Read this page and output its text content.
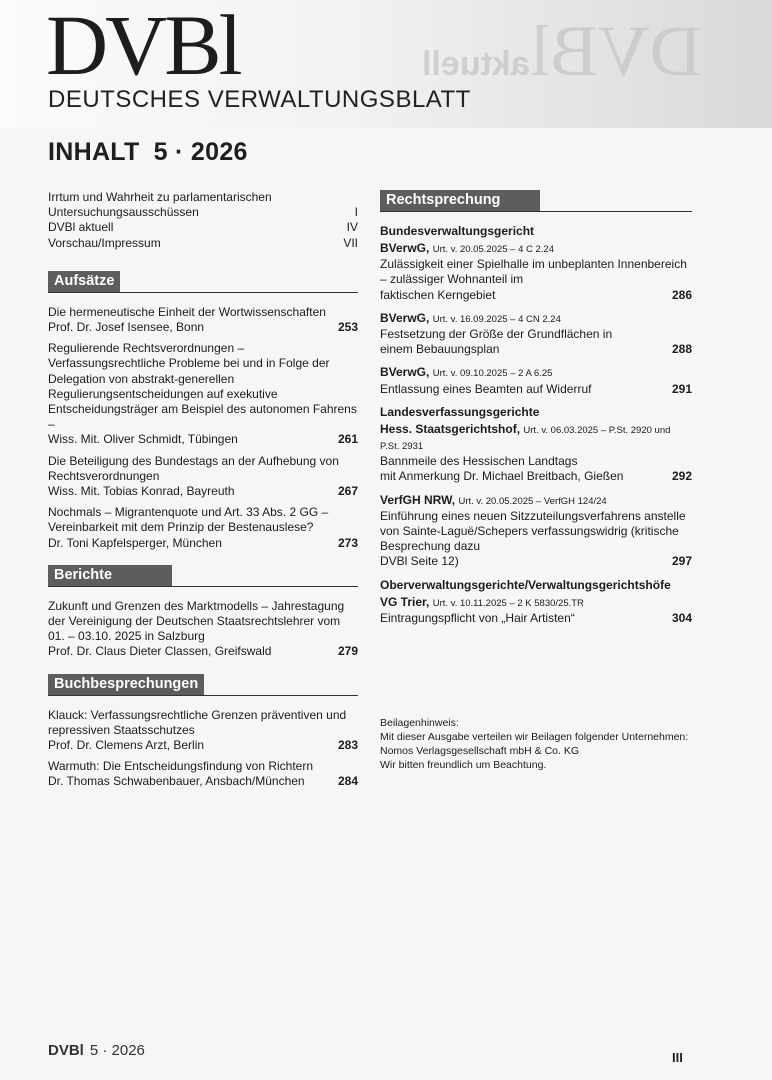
DVBlaktuell
DVBl
DEUTSCHES VERWALTUNGSBLATT
INHALT 5 · 2026
Irrtum und Wahrheit zu parlamentarischen
Untersuchungsausschüssen	I
DVBl aktuell	IV
Vorschau/Impressum	VII
Aufsätze
Die hermeneutische Einheit der Wortwissenschaften
Prof. Dr. Josef Isensee, Bonn	253
Regulierende Rechtsverordnungen – Verfassungsrechtliche Probleme bei und in Folge der Delegation von abstrakt-generellen Regulierungsentscheidungen auf exekutive Entscheidungsträger am Beispiel des autonomen Fahrens –
Wiss. Mit. Oliver Schmidt, Tübingen	261
Die Beteiligung des Bundestags an der Aufhebung von Rechtsverordnungen
Wiss. Mit. Tobias Konrad, Bayreuth	267
Nochmals – Migrantenquote und Art. 33 Abs. 2 GG – Vereinbarkeit mit dem Prinzip der Bestenauslese?
Dr. Toni Kapfelsperger, München	273
Berichte
Zukunft und Grenzen des Marktmodells – Jahrestagung der Vereinigung der Deutschen Staatsrechtslehrer vom 01. – 03.10. 2025 in Salzburg
Prof. Dr. Claus Dieter Classen, Greifswald	279
Buchbesprechungen
Klauck: Verfassungsrechtliche Grenzen präventiven und repressiven Staatsschutzes
Prof. Dr. Clemens Arzt, Berlin	283
Warmuth: Die Entscheidungsfindung von Richtern
Dr. Thomas Schwabenbauer, Ansbach/München	284
Rechtsprechung
Bundesverwaltungsgericht
BVerwG, Urt. v. 20.05.2025 – 4 C 2.24
Zulässigkeit einer Spielhalle im unbeplanten Innenbereich – zulässiger Wohnanteil im
faktischen Kerngebiet	286
BVerwG, Urt. v. 16.09.2025 – 4 CN 2.24
Festsetzung der Größe der Grundflächen in
einem Bebauungsplan	288
BVerwG, Urt. v. 09.10.2025 – 2 A 6.25
Entlassung eines Beamten auf Widerruf	291
Landesverfassungsgerichte
Hess. Staatsgerichtshof, Urt. v. 06.03.2025 – P.St. 2920 und P.St. 2931
Bannmeile des Hessischen Landtags
mit Anmerkung Dr. Michael Breitbach, Gießen	292
VerfGH NRW, Urt. v. 20.05.2025 – VerfGH 124/24
Einführung eines neuen Sitzzuteilungsverfahrens anstelle von Sainte-Laguë/Schepers verfassungswidrig (kritische Besprechung dazu
DVBl Seite 12)	297
Oberverwaltungsgerichte/Verwaltungsgerichtshöfe
VG Trier, Urt. v. 10.11.2025 – 2 K 5830/25.TR
Eintragungspflicht von „Hair Artisten“	304
Beilagenhinweis:
Mit dieser Ausgabe verteilen wir Beilagen folgender Unternehmen:
Nomos Verlagsgesellschaft mbH & Co. KG
Wir bitten freundlich um Beachtung.
DVBl 5 · 2026	III
